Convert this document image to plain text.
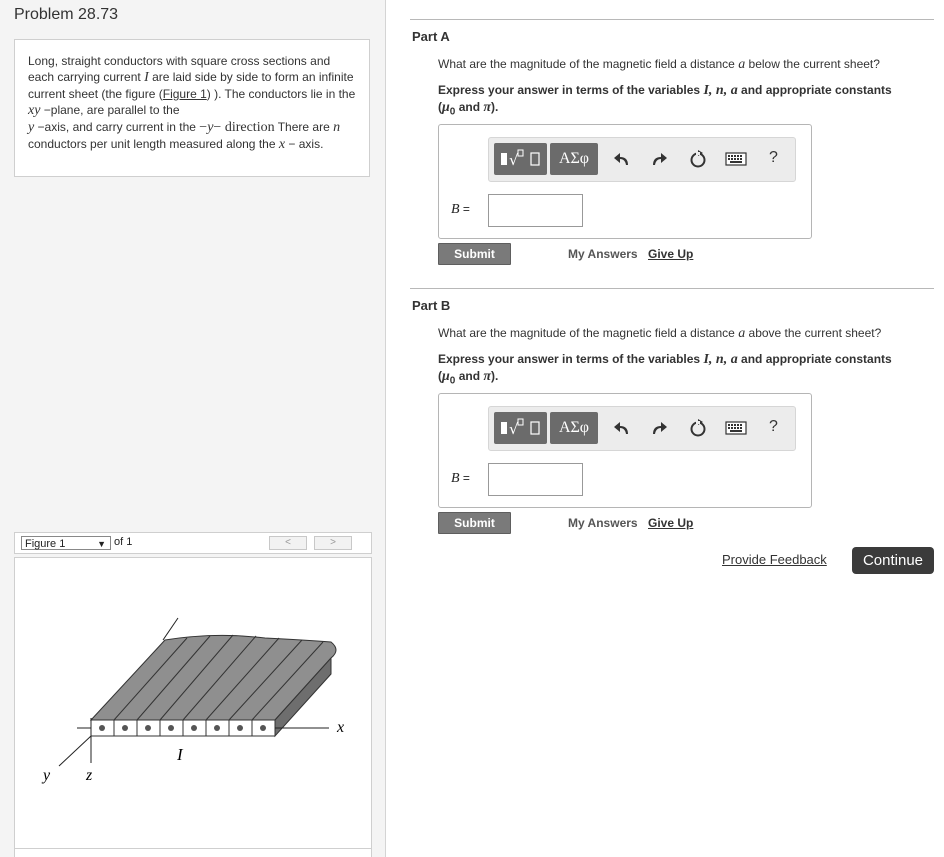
Problem 28.73
Long, straight conductors with square cross sections and each carrying current I are laid side by side to form an infinite current sheet (the figure (Figure 1) ). The conductors lie in the xy −plane, are parallel to the
y −axis, and carry current in the −y− direction There are n conductors per unit length measured along the x − axis.
Figure 1	▼ of 1	<	>
x
y z
I
Part A
What are the magnitude of the magnetic field a distance a below the current sheet?
Express your answer in terms of the variables I, n, a and appropriate constants
($\mu_0$ and π).
√	ΑΣφ	?
B =
Submit	My Answers Give Up
Part B
What are the magnitude of the magnetic field a distance a above the current sheet?
Express your answer in terms of the variables I, n, a and appropriate constants
($\mu_0$ and π).
√	ΑΣφ	?
B =
Submit	My Answers Give Up
Provide Feedback	Continue
